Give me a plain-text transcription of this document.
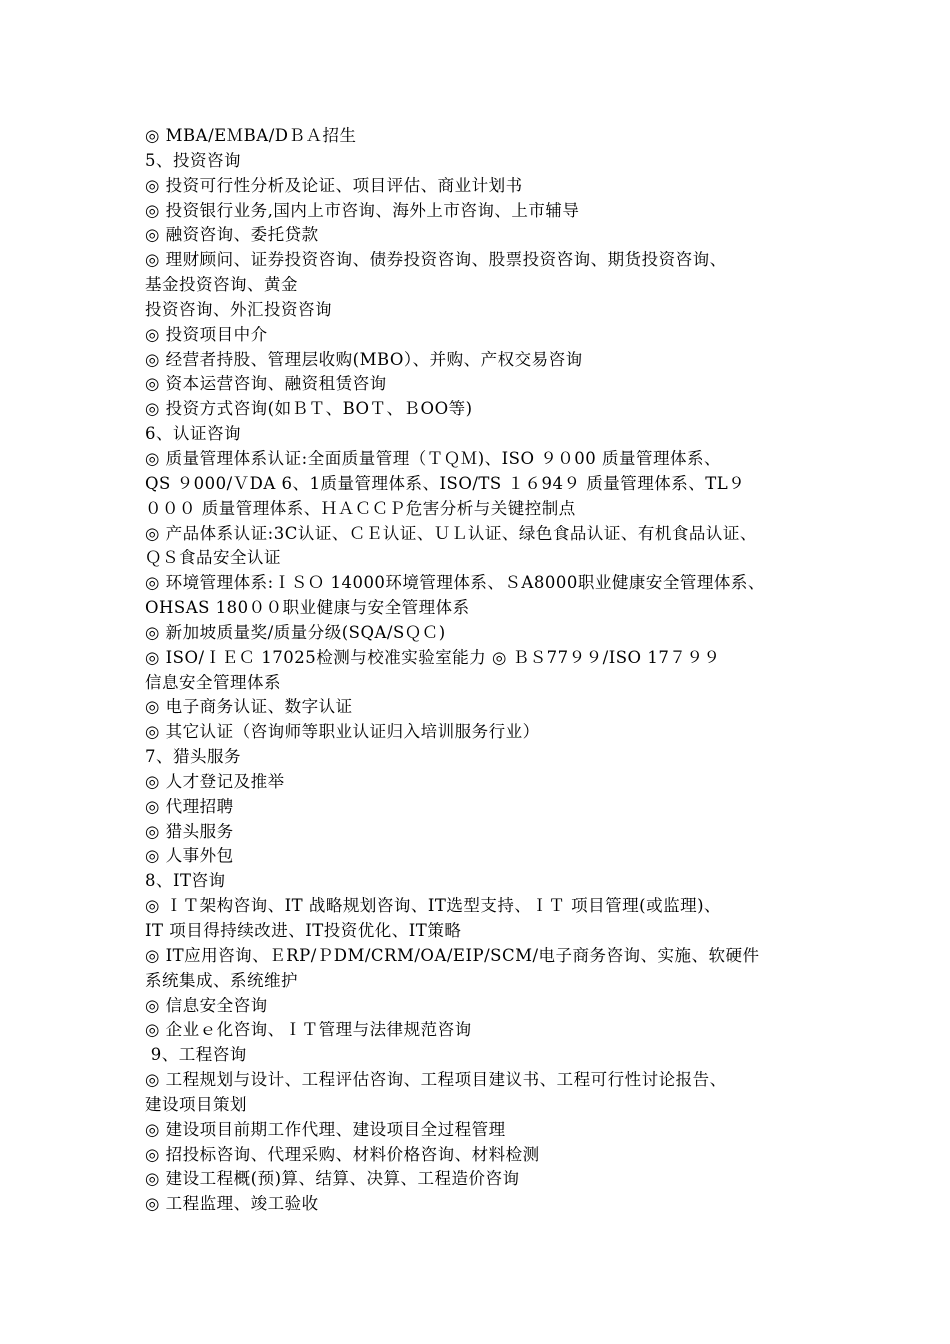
◎ MBA/EＭBA/DＢＡ招生
5、投资咨询
◎ 投资可行性分析及论证、项目评估、商业计划书
◎ 投资银行业务,国内上市咨询、海外上市咨询、上市辅导
◎ 融资咨询、委托贷款
◎ 理财顾问、证券投资咨询、债券投资咨询、股票投资咨询、期货投资咨询、
基金投资咨询、黄金
投资咨询、外汇投资咨询
◎ 投资项目中介
◎ 经营者持股、管理层收购(MBO）、并购、产权交易咨询
◎ 资本运营咨询、融资租赁咨询
◎ 投资方式咨询(如ＢＴ、BOＴ、ＢOO等)
6、认证咨询
◎ 质量管理体系认证:全面质量管理（ＴＱＭ)、ISO ９０00 质量管理体系、
QS ９000/ＶDA 6、1质量管理体系、ISO/TS １６94９ 质量管理体系、TL９
０００ 质量管理体系、ＨＡＣＣＰ危害分析与关键控制点
◎ 产品体系认证:3C认证、ＣＥ认证、ＵＬ认证、绿色食品认证、有机食品认证、
ＱＳ食品安全认证
◎ 环境管理体系:ＩＳＯ 14000环境管理体系、ＳA8000职业健康安全管理体系、
OHSAS 180００职业健康与安全管理体系
◎ 新加坡质量奖/质量分级(SQA/SＱＣ)
◎ ISO/ＩＥＣ 17025检测与校准实验室能力 ◎ ＢＳ77９９/ISO 17７９９
信息安全管理体系
◎ 电子商务认证、数字认证
◎ 其它认证（咨询师等职业认证归入培训服务行业）
7、猎头服务
◎ 人才登记及推举
◎ 代理招聘
◎ 猎头服务
◎ 人事外包
8、IT咨询
◎ ＩＴ架构咨询、IT 战略规划咨询、IT选型支持、ＩＴ 项目管理(或监理)、
IT 项目得持续改进、IT投资优化、IT策略
◎ IT应用咨询、ＥRP/ＰDM/CRM/OA/EIP/SCM/电子商务咨询、实施、软硬件
系统集成、系统维护
◎ 信息安全咨询
◎ 企业ｅ化咨询、ＩＴ管理与法律规范咨询
9、工程咨询
◎ 工程规划与设计、工程评估咨询、工程项目建议书、工程可行性讨论报告、
建设项目策划
◎ 建设项目前期工作代理、建设项目全过程管理
◎ 招投标咨询、代理采购、材料价格咨询、材料检测
◎ 建设工程概(预)算、结算、决算、工程造价咨询
◎ 工程监理、竣工验收
